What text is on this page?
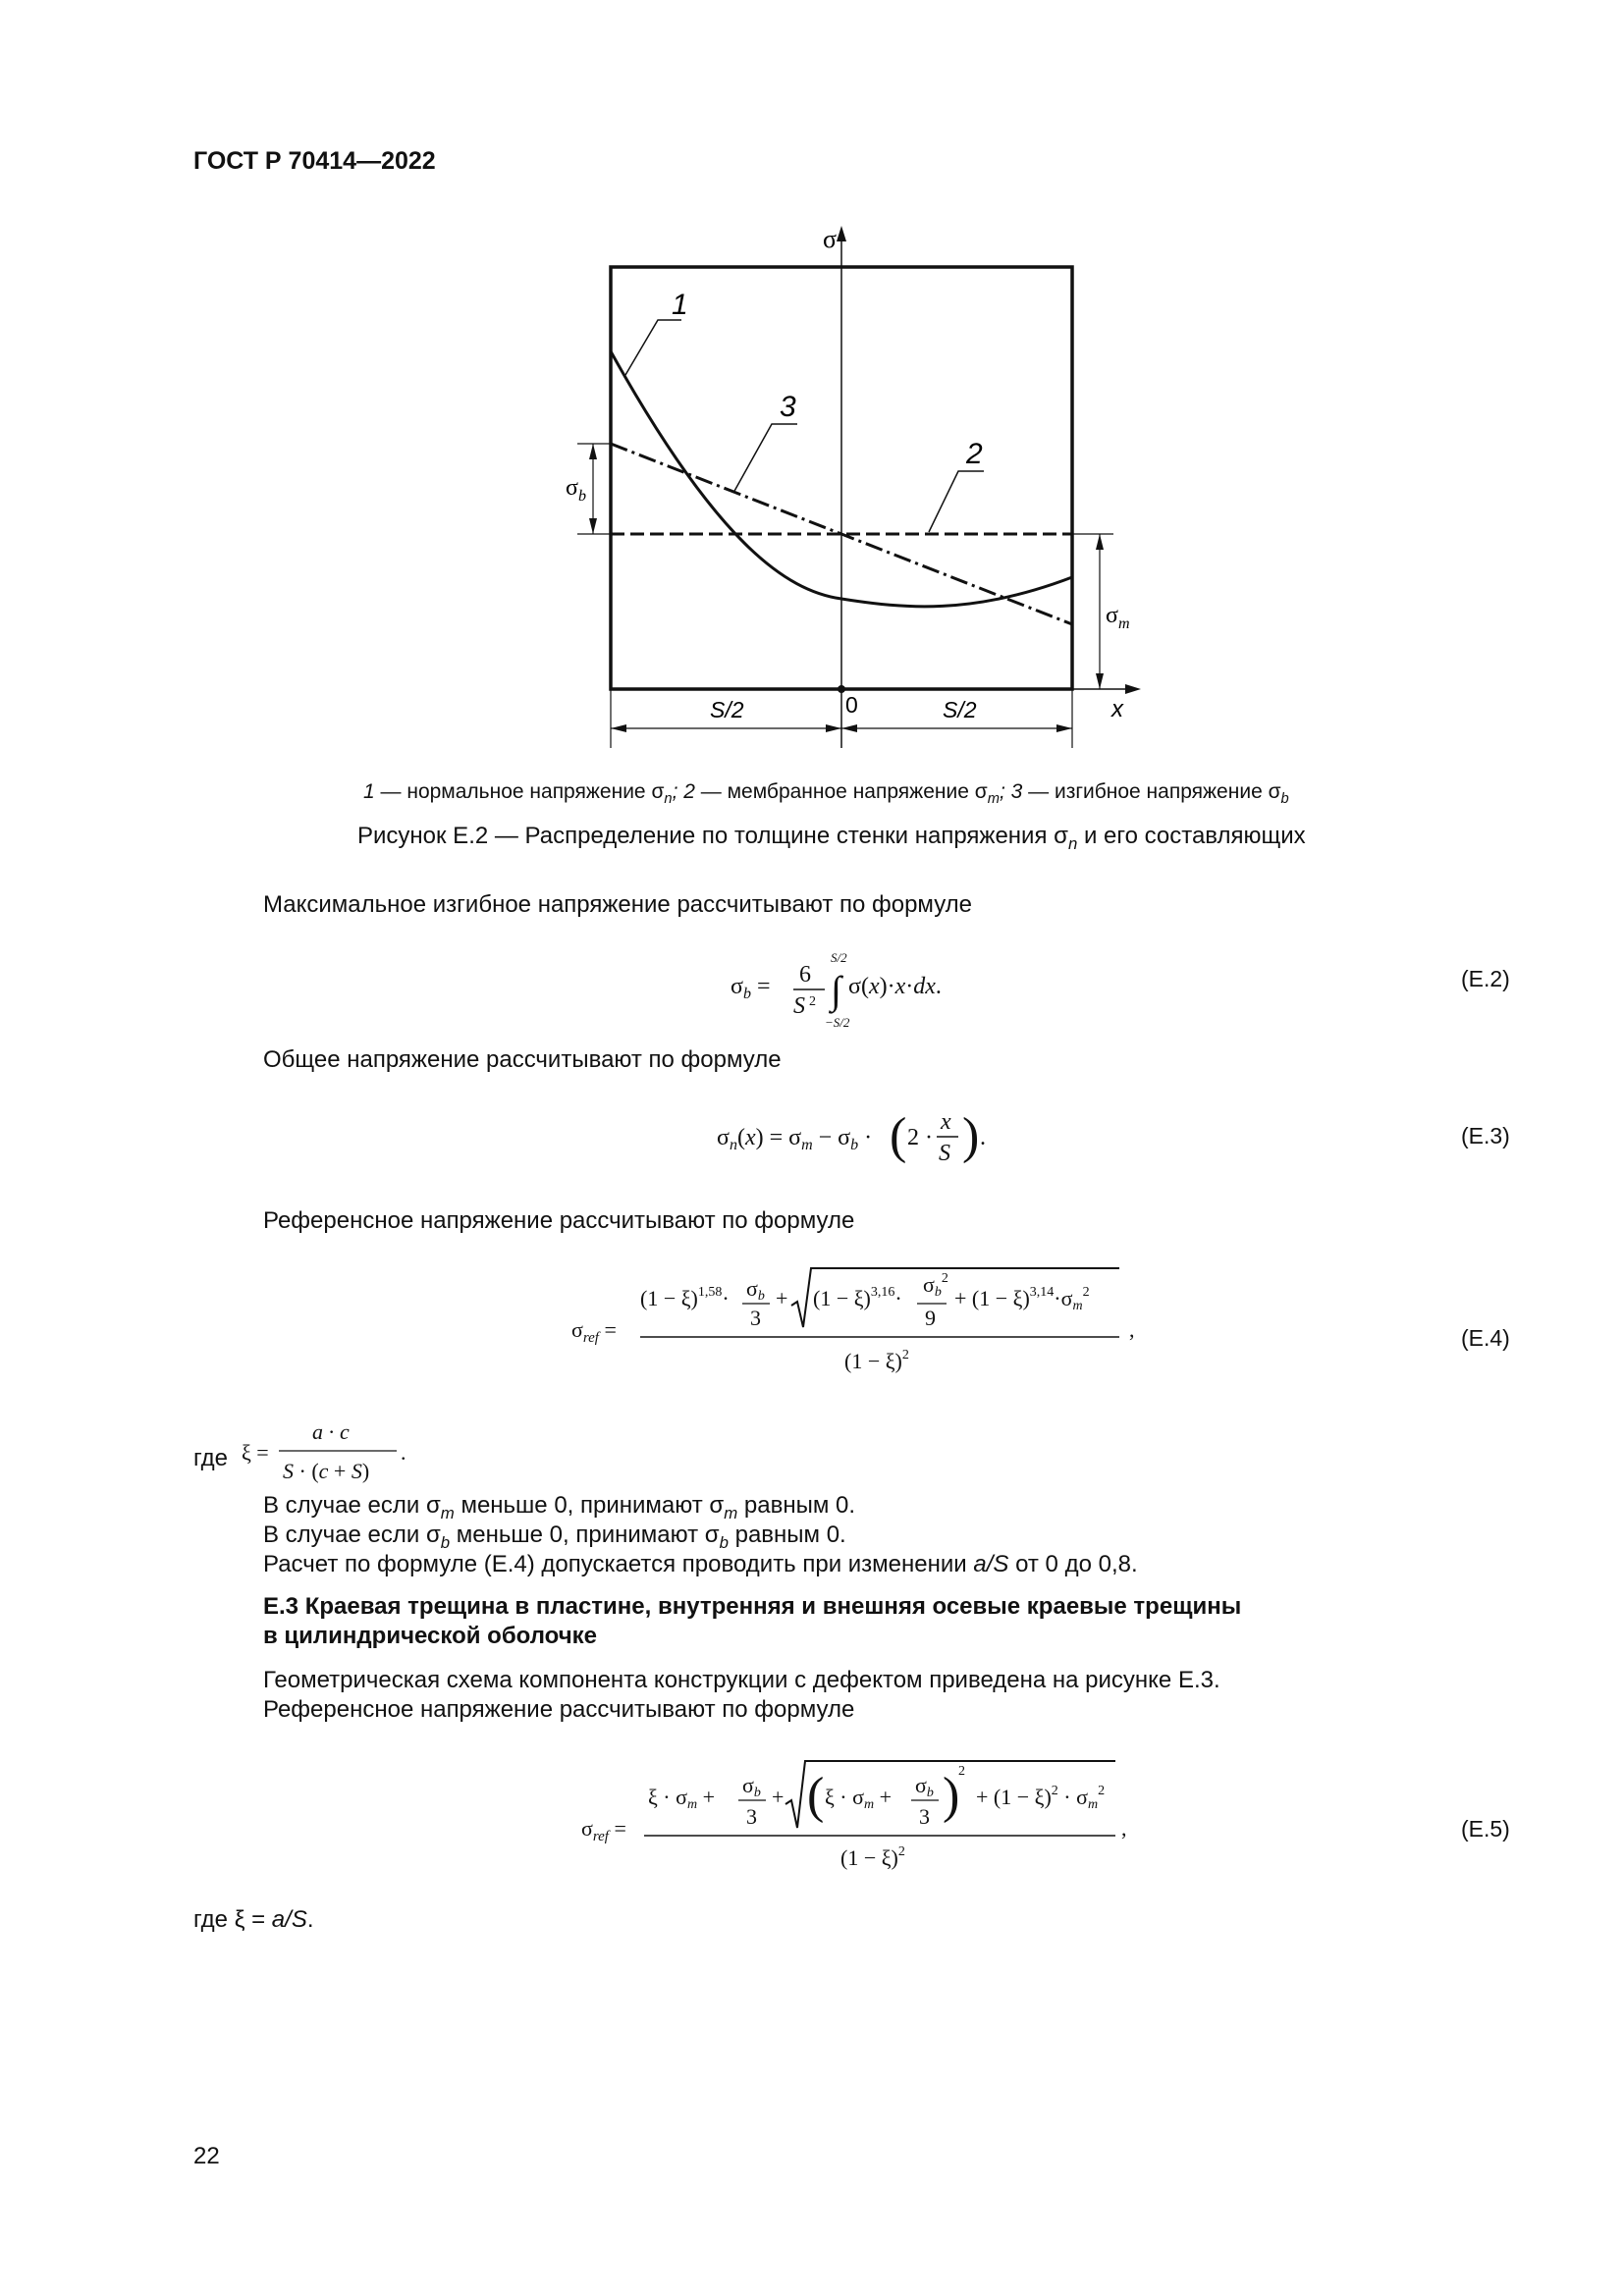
ГОСТ Р 70414—2022
σ
x
0
S/2	S/2
1
3
2
$\sigma_b$
$\sigma_m$
1 — нормальное напряжение $\sigma_n$; 2 — мембранное напряжение $\sigma_m$; 3 — изгибное напряжение $\sigma_b$
Рисунок Е.2 — Распределение по толщине стенки напряжения $\sigma_n$ и его составляющих
Максимальное изгибное напряжение рассчитывают по формуле
$\sigma_b = 6$
S 2 ∫
S/2
−S/2
σ(x)·x·dx.	(Е.2)
Общее напряжение рассчитывают по формуле
$\sigma_n(x) = \sigma_m - \sigma_b$ · ( 2 ·
x
S ) .	(Е.3)
Референсное напряжение рассчитывают по формуле
$\sigma_{ref}$ =
$(1 - \xi)^{1,58}\cdot \sigma b$
3
+ $(1 - \xi)^{3,16}\cdot$
$\sigma b^2$
9
+ $(1 - \xi)^{3,14}\cdot\sigma m^2$
$(1 - \xi)^2$
,	(Е.4)
где ξ =
a · c
S · (c + S)
.
В случае если $\sigma_m$ меньше 0, принимают $\sigma_m$ равным 0.
В случае если $\sigma_b$ меньше 0, принимают $\sigma_b$ равным 0.
Расчет по формуле (Е.4) допускается проводить при изменении a/S от 0 до 0,8.
Е.3 Краевая трещина в пластине, внутренняя и внешняя осевые краевые трещины
в цилиндрической оболочке
Геометрическая схема компонента конструкции с дефектом приведена на рисунке Е.3.
Референсное напряжение рассчитывают по формуле
$\sigma_{ref}$ =
ξ · σm + σb
3
+ ( ξ · σm + σb
3 )
2
+ $(1 - \xi)^2 \cdot \sigma m^2$
$(1 - \xi)^2$
,	(Е.5)
где ξ = a/S.
22
